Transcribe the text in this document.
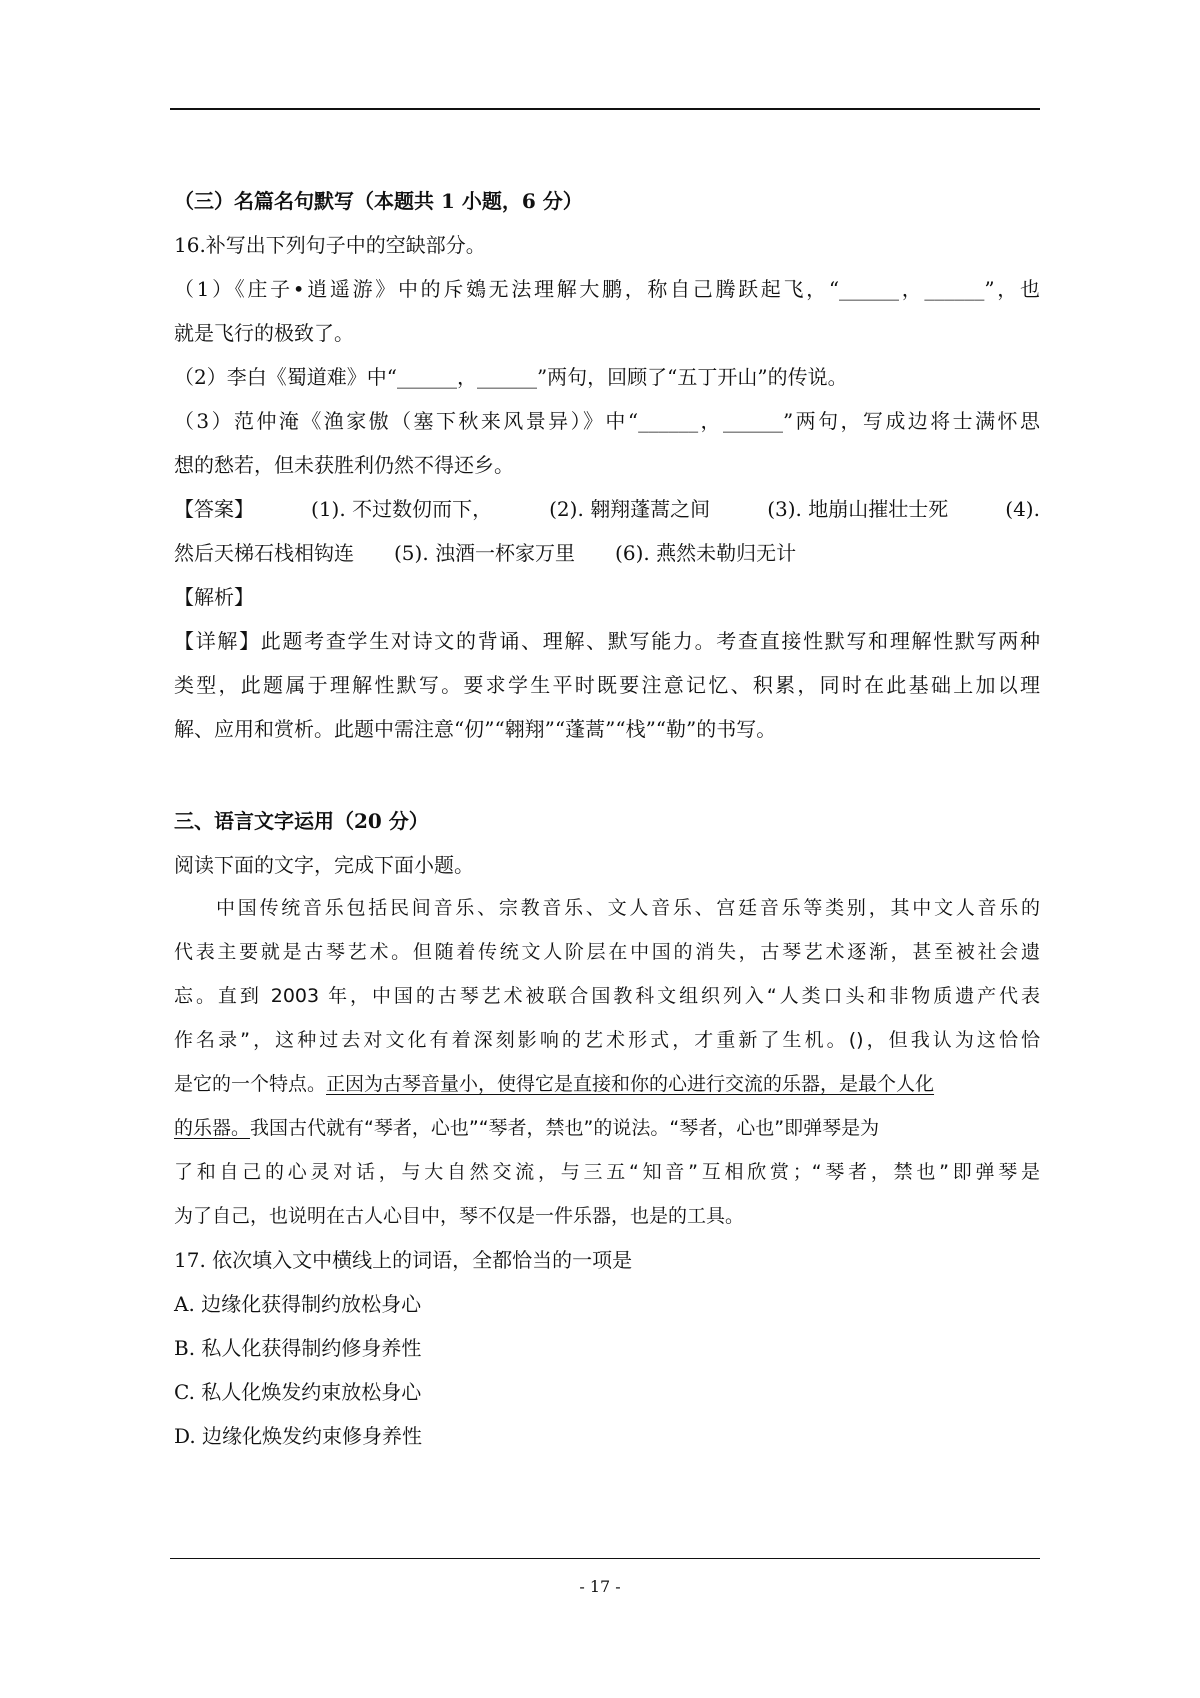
（三）名篇名句默写（本题共 1 小题，6 分）
16.补写出下列句子中的空缺部分。
（1）《庄子•逍遥游》中的斥鴳无法理解大鹏，称自己腾跃起飞，“______，______”，也
就是飞行的极致了。
（2）李白《蜀道难》中“______，______”两句，回顾了“五丁开山”的传说。
（3）范仲淹《渔家傲（塞下秋来风景异）》中“______，______”两句，写成边将士满怀思
想的愁若，但未获胜利仍然不得还乡。
【答案】	(1). 不过数仞而下，	(2). 翱翔蓬蒿之间	(3). 地崩山摧壮士死	(4).
然后天梯石栈相钩连　　(5). 浊酒一杯家万里　　(6). 燕然未勒归无计
【解析】
【详解】此题考查学生对诗文的背诵、理解、默写能力。考查直接性默写和理解性默写两种
类型，此题属于理解性默写。要求学生平时既要注意记忆、积累，同时在此基础上加以理
解、应用和赏析。此题中需注意“仞”“翱翔”“蓬蒿”“栈”“勒”的书写。
三、语言文字运用（20 分）
阅读下面的文字，完成下面小题。
中国传统音乐包括民间音乐、宗教音乐、文人音乐、宫廷音乐等类别，其中文人音乐的
代表主要就是古琴艺术。但随着传统文人阶层在中国的消失，古琴艺术逐渐，甚至被社会遗
忘。直到 2003 年，中国的古琴艺术被联合国教科文组织列入“人类口头和非物质遗产代表
作名录”，这种过去对文化有着深刻影响的艺术形式，才重新了生机。()，但我认为这恰恰
是它的一个特点。正因为古琴音量小，使得它是直接和你的心进行交流的乐器，是最个人化
的乐器。我国古代就有“琴者，心也”“琴者，禁也”的说法。“琴者，心也”即弹琴是为
了和自己的心灵对话，与大自然交流，与三五“知音”互相欣赏；“琴者，禁也”即弹琴是
为了自己，也说明在古人心目中，琴不仅是一件乐器，也是的工具。
17. 依次填入文中横线上的词语，全都恰当的一项是
A. 边缘化获得制约放松身心
B. 私人化获得制约修身养性
C. 私人化焕发约束放松身心
D. 边缘化焕发约束修身养性
- 17 -
